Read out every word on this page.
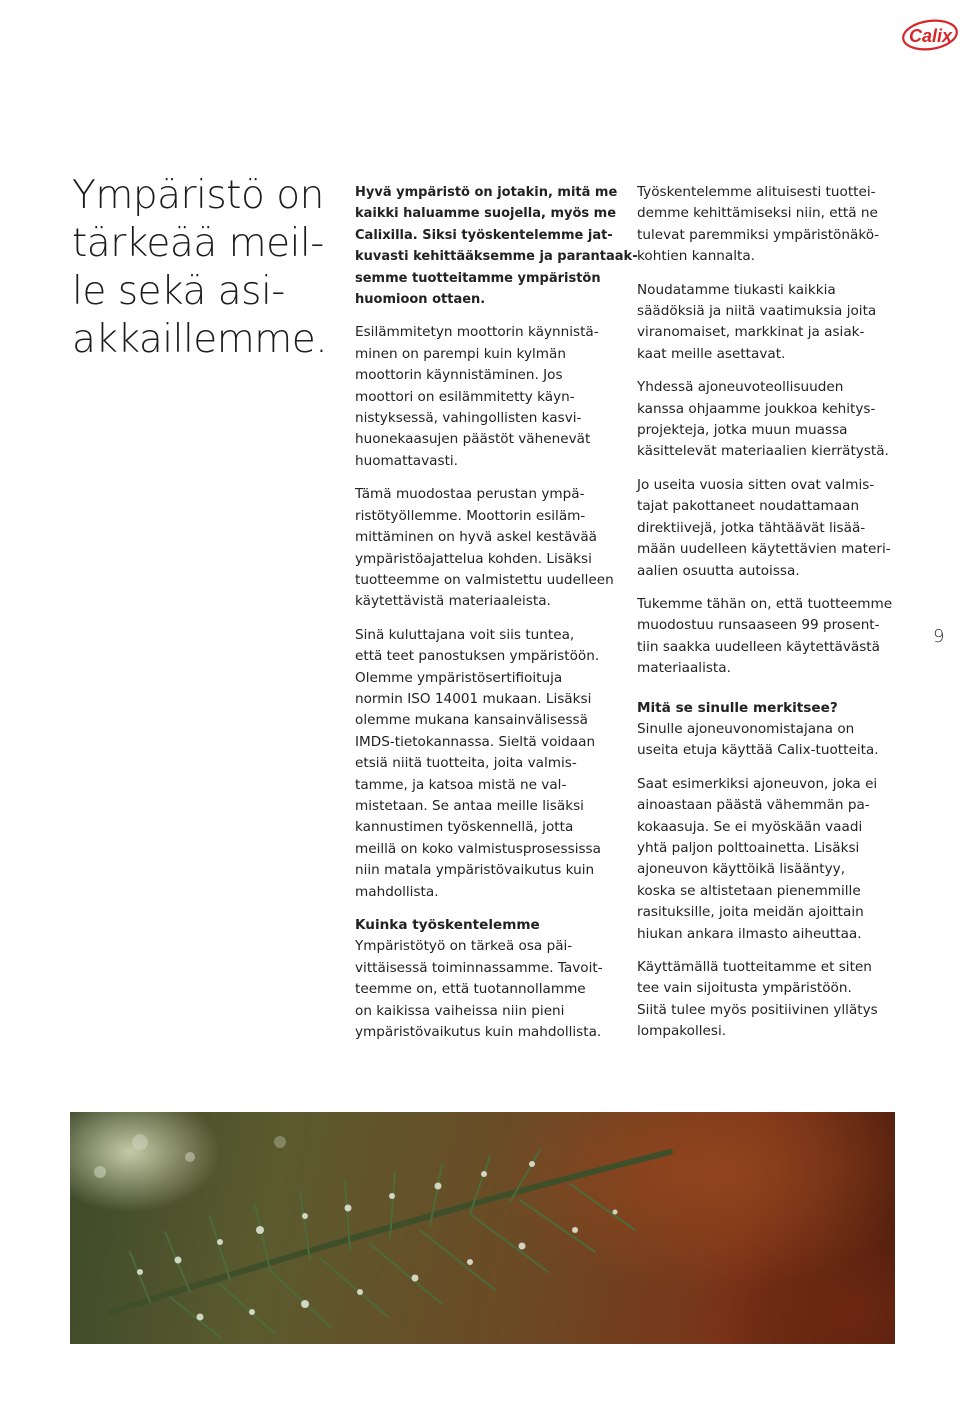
Calix
Ympäristö on
tärkeää meil-
le sekä asi-
akkaillemme.

Hyvä ympäristö on jotakin, mitä me
kaikki haluamme suojella, myös me
Calixilla. Siksi työskentelemme jat-
kuvasti kehittääksemme ja parantaak-
semme tuotteitamme ympäristön
huomioon ottaen.

Esilämmitetyn moottorin käynnistä-
minen on parempi kuin kylmän
moottorin käynnistäminen. Jos
moottori on esilämmitetty käyn-
nistyksessä, vahingollisten kasvi-
huonekaasujen päästöt vähenevät
huomattavasti.

Tämä muodostaa perustan ympä-
ristötyöllemme. Moottorin esiläm-
mittäminen on hyvä askel kestävää
ympäristöajattelua kohden. Lisäksi
tuotteemme on valmistettu uudelleen
käytettävistä materiaaleista.

Sinä kuluttajana voit siis tuntea,
että teet panostuksen ympäristöön.
Olemme ympäristösertifioituja
normin ISO 14001 mukaan. Lisäksi
olemme mukana kansainvälisessä
IMDS-tietokannassa. Sieltä voidaan
etsiä niitä tuotteita, joita valmis-
tamme, ja katsoa mistä ne val-
mistetaan. Se antaa meille lisäksi
kannustimen työskennellä, jotta
meillä on koko valmistusprosessissa
niin matala ympäristövaikutus kuin
mahdollista.

Kuinka työskentelemme
Ympäristötyö on tärkeä osa päi-
vittäisessä toiminnassamme. Tavoit-
teemme on, että tuotannollamme
on kaikissa vaiheissa niin pieni
ympäristövaikutus kuin mahdollista.

Työskentelemme alituisesti tuottei-
demme kehittämiseksi niin, että ne
tulevat paremmiksi ympäristönäkö-
kohtien kannalta.

Noudatamme tiukasti kaikkia
säädöksiä ja niitä vaatimuksia joita
viranomaiset, markkinat ja asiak-
kaat meille asettavat.

Yhdessä ajoneuvoteollisuuden
kanssa ohjaamme joukkoa kehitys-
projekteja, jotka muun muassa
käsittelevät materiaalien kierrätystä.

Jo useita vuosia sitten ovat valmis-
tajat pakottaneet noudattamaan
direktiivejä, jotka tähtäävät lisää-
mään uudelleen käytettävien materi-
aalien osuutta autoissa.

Tukemme tähän on, että tuotteemme
muodostuu runsaaseen 99 prosent-
tiin saakka uudelleen käytettävästä
materiaalista.

Mitä se sinulle merkitsee?
Sinulle ajoneuvonomistajana on
useita etuja käyttää Calix-tuotteita.

Saat esimerkiksi ajoneuvon, joka ei
ainoastaan päästä vähemmän pa-
kokaasuja. Se ei myöskään vaadi
yhtä paljon polttoainetta. Lisäksi
ajoneuvon käyttöikä lisääntyy,
koska se altistetaan pienemmille
rasituksille, joita meidän ajoittain
hiukan ankara ilmasto aiheuttaa.

Käyttämällä tuotteitamme et siten
tee vain sijoitusta ympäristöön.
Siitä tulee myös positiivinen yllätys
lompakollesi.

9
